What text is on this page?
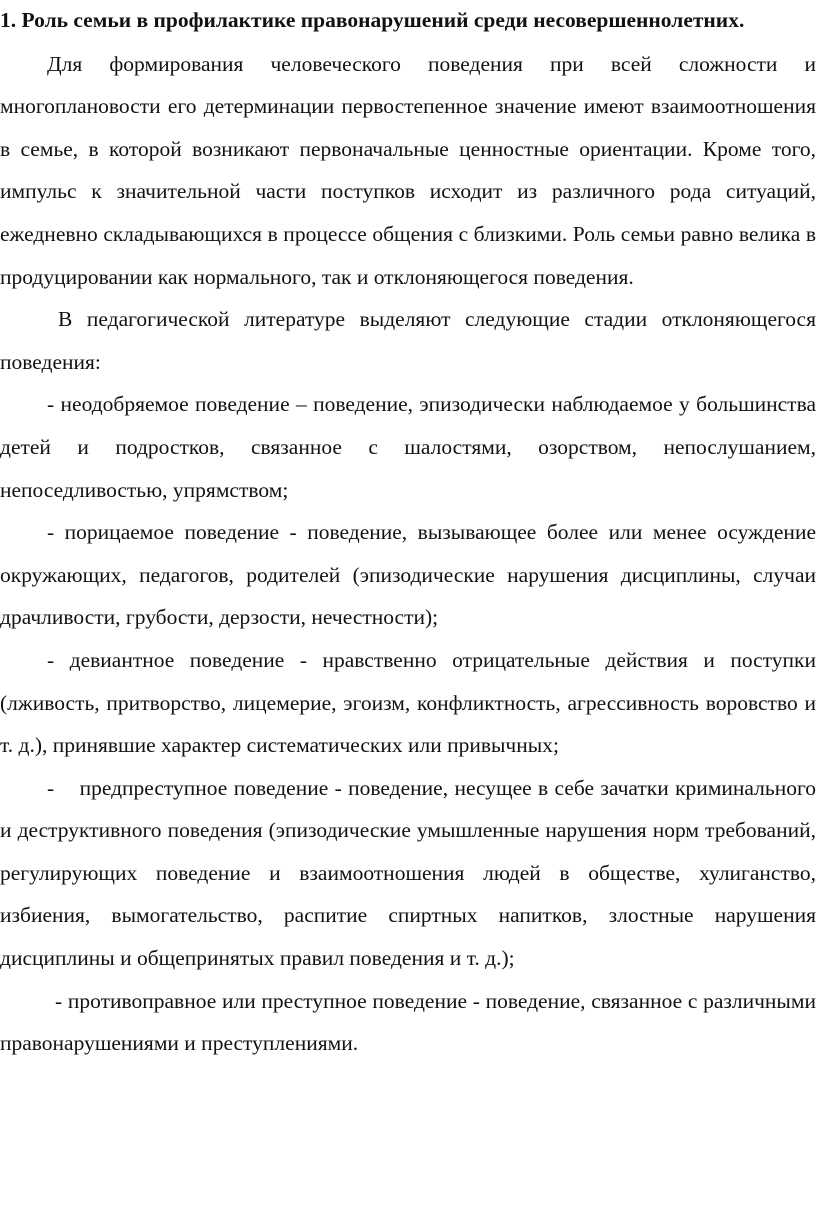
1. Роль семьи в профилактике правонарушений среди несовершеннолетних.

Для формирования человеческого поведения при всей сложности и многоплановости его детерминации первостепенное значение имеют взаимоотношения в семье, в которой возникают первоначальные ценностные ориентации. Кроме того, импульс к значительной части поступков исходит из различного рода ситуаций, ежедневно складывающихся в процессе общения с близкими. Роль семьи равно велика в продуцировании как нормального, так и отклоняющегося поведения.

В педагогической литературе выделяют следующие стадии отклоняющегося поведения:

- неодобряемое поведение – поведение, эпизодически наблюдаемое у большинства детей и подростков, связанное с шалостями, озорством, непослушанием, непоседливостью, упрямством;

- порицаемое поведение - поведение, вызывающее более или менее осуждение окружающих, педагогов, родителей (эпизодические нарушения дисциплины, случаи драчливости, грубости, дерзости, нечестности);

- девиантное поведение - нравственно отрицательные действия и поступки (лживость, притворство, лицемерие, эгоизм, конфликтность, агрессивность воровство и т. д.), принявшие характер систематических или привычных;

-    предпреступное поведение - поведение, несущее в себе зачатки криминального и деструктивного поведения (эпизодические умышленные нарушения норм требований, регулирующих поведение и взаимоотношения людей в обществе, хулиганство, избиения, вымогательство, распитие спиртных напитков, злостные нарушения дисциплины и общепринятых правил поведения и т. д.);

- противоправное или преступное поведение - поведение, связанное с различными правонарушениями и преступлениями.
